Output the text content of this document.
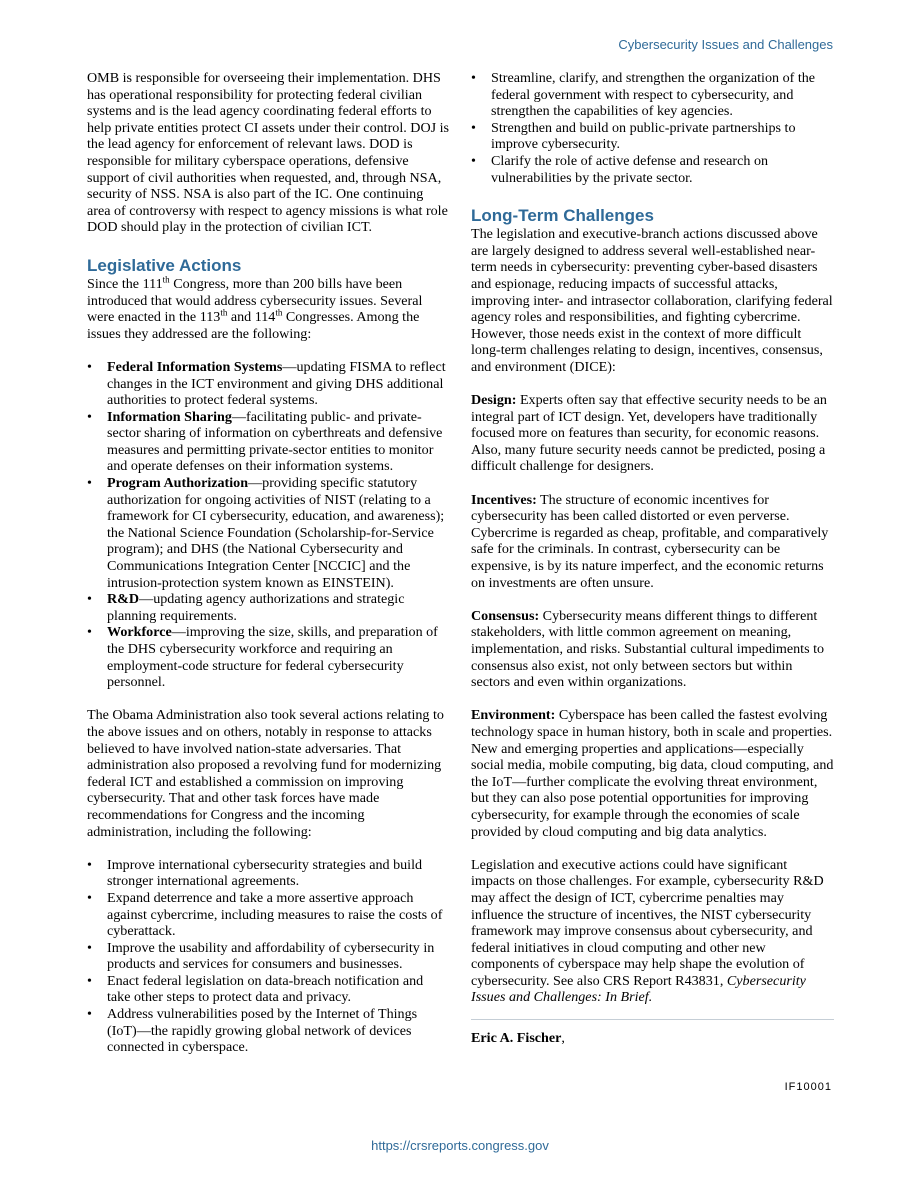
Cybersecurity Issues and Challenges

OMB is responsible for overseeing their implementation. DHS has operational responsibility for protecting federal civilian systems and is the lead agency coordinating federal efforts to help private entities protect CI assets under their control. DOJ is the lead agency for enforcement of relevant laws. DOD is responsible for military cyberspace operations, defensive support of civil authorities when requested, and, through NSA, security of NSS. NSA is also part of the IC. One continuing area of controversy with respect to agency missions is what role DOD should play in the protection of civilian ICT.

Legislative Actions

Since the 111th Congress, more than 200 bills have been introduced that would address cybersecurity issues. Several were enacted in the 113th and 114th Congresses. Among the issues they addressed are the following:

• Federal Information Systems—updating FISMA to reflect changes in the ICT environment and giving DHS additional authorities to protect federal systems.
• Information Sharing—facilitating public- and private-sector sharing of information on cyberthreats and defensive measures and permitting private-sector entities to monitor and operate defenses on their information systems.
• Program Authorization—providing specific statutory authorization for ongoing activities of NIST (relating to a framework for CI cybersecurity, education, and awareness); the National Science Foundation (Scholarship-for-Service program); and DHS (the National Cybersecurity and Communications Integration Center [NCCIC] and the intrusion-protection system known as EINSTEIN).
• R&D—updating agency authorizations and strategic planning requirements.
• Workforce—improving the size, skills, and preparation of the DHS cybersecurity workforce and requiring an employment-code structure for federal cybersecurity personnel.

The Obama Administration also took several actions relating to the above issues and on others, notably in response to attacks believed to have involved nation-state adversaries. That administration also proposed a revolving fund for modernizing federal ICT and established a commission on improving cybersecurity. That and other task forces have made recommendations for Congress and the incoming administration, including the following:

• Improve international cybersecurity strategies and build stronger international agreements.
• Expand deterrence and take a more assertive approach against cybercrime, including measures to raise the costs of cyberattack.
• Improve the usability and affordability of cybersecurity in products and services for consumers and businesses.
• Enact federal legislation on data-breach notification and take other steps to protect data and privacy.
• Address vulnerabilities posed by the Internet of Things (IoT)—the rapidly growing global network of devices connected in cyberspace.
• Streamline, clarify, and strengthen the organization of the federal government with respect to cybersecurity, and strengthen the capabilities of key agencies.
• Strengthen and build on public-private partnerships to improve cybersecurity.
• Clarify the role of active defense and research on vulnerabilities by the private sector.
Long-Term Challenges

The legislation and executive-branch actions discussed above are largely designed to address several well-established near-term needs in cybersecurity: preventing cyber-based disasters and espionage, reducing impacts of successful attacks, improving inter- and intrasector collaboration, clarifying federal agency roles and responsibilities, and fighting cybercrime. However, those needs exist in the context of more difficult long-term challenges relating to design, incentives, consensus, and environment (DICE):

Design: Experts often say that effective security needs to be an integral part of ICT design. Yet, developers have traditionally focused more on features than security, for economic reasons. Also, many future security needs cannot be predicted, posing a difficult challenge for designers.

Incentives: The structure of economic incentives for cybersecurity has been called distorted or even perverse. Cybercrime is regarded as cheap, profitable, and comparatively safe for the criminals. In contrast, cybersecurity can be expensive, is by its nature imperfect, and the economic returns on investments are often unsure.

Consensus: Cybersecurity means different things to different stakeholders, with little common agreement on meaning, implementation, and risks. Substantial cultural impediments to consensus also exist, not only between sectors but within sectors and even within organizations.

Environment: Cyberspace has been called the fastest evolving technology space in human history, both in scale and properties. New and emerging properties and applications—especially social media, mobile computing, big data, cloud computing, and the IoT—further complicate the evolving threat environment, but they can also pose potential opportunities for improving cybersecurity, for example through the economies of scale provided by cloud computing and big data analytics.

Legislation and executive actions could have significant impacts on those challenges. For example, cybersecurity R&D may affect the design of ICT, cybercrime penalties may influence the structure of incentives, the NIST cybersecurity framework may improve consensus about cybersecurity, and federal initiatives in cloud computing and other new components of cyberspace may help shape the evolution of cybersecurity. See also CRS Report R43831, Cybersecurity Issues and Challenges: In Brief.

Eric A. Fischer,

IF10001
https://crsreports.congress.gov
